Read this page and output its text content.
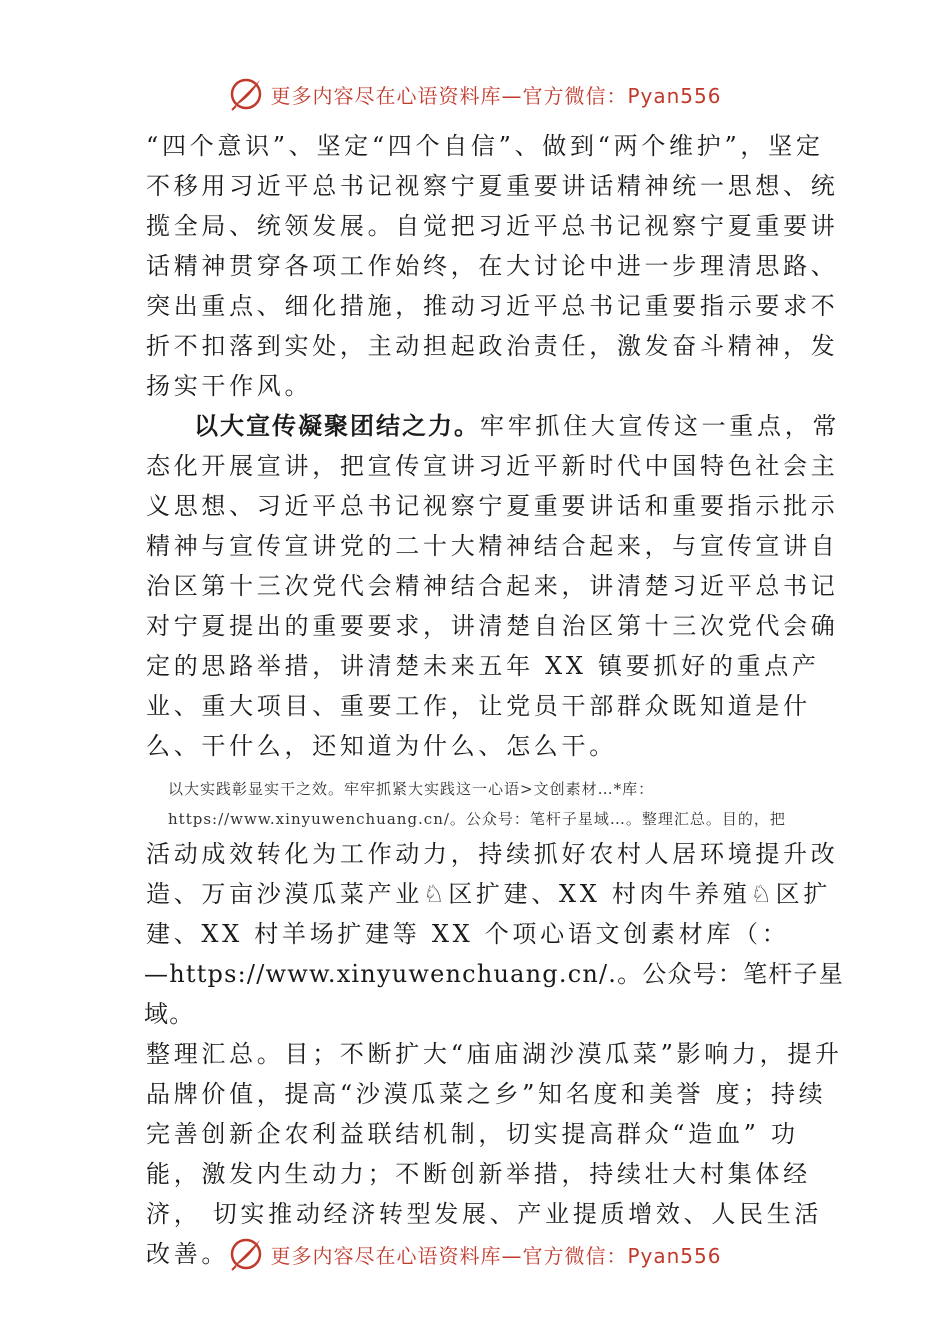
更多内容尽在心语资料库—官方微信：Pyan556

“四个意识”、坚定“四个自信”、做到“两个维护”，坚定不移用习近平总书记视察宁夏重要讲话精神统一思想、统揽全局、统领发展。自觉把习近平总书记视察宁夏重要讲话精神贯穿各项工作始终，在大讨论中进一步理清思路、突出重点、细化措施，推动习近平总书记重要指示要求不折不扣落到实处，主动担起政治责任，激发奋斗精神，发扬实干作风。

以大宣传凝聚团结之力。牢牢抓住大宣传这一重点，常态化开展宣讲，把宣传宣讲习近平新时代中国特色社会主义思想、习近平总书记视察宁夏重要讲话和重要指示批示精神与宣传宣讲党的二十大精神结合起来，与宣传宣讲自治区第十三次党代会精神结合起来，讲清楚习近平总书记对宁夏提出的重要要求，讲清楚自治区第十三次党代会确定的思路举措，讲清楚未来五年 XX 镇要抓好的重点产业、重大项目、重要工作，让党员干部群众既知道是什么、干什么，还知道为什么、怎么干。

以大实践彰显实干之效。牢牢抓紧大实践这一心语>文创素材…*库：https://www.xinyuwenchuang.cn/。公众号：笔杆子星域…。整理汇总。目的，把

活动成效转化为工作动力，持续抓好农村人居环境提升改造、万亩沙漠瓜菜产业♘区扩建、XX 村肉牛养殖♘区扩建、XX 村羊场扩建等 XX 个项心语文创素材库（：

—https://www.xinyuwenchuang.cn/.。公众号：笔杆子星域。

整理汇总。目；不断扩大“庙庙湖沙漠瓜菜”影响力，提升品牌价值，提高“沙漠瓜菜之乡”知名度和美誉 度；持续完善创新企农利益联结机制，切实提高群众“造血” 功能，激发内生动力；不断创新举措，持续壮大村集体经济， 切实推动经济转型发展、产业提质增效、人民生活改善。	更多内容尽在心语资料库—官方微信：Pyan556
